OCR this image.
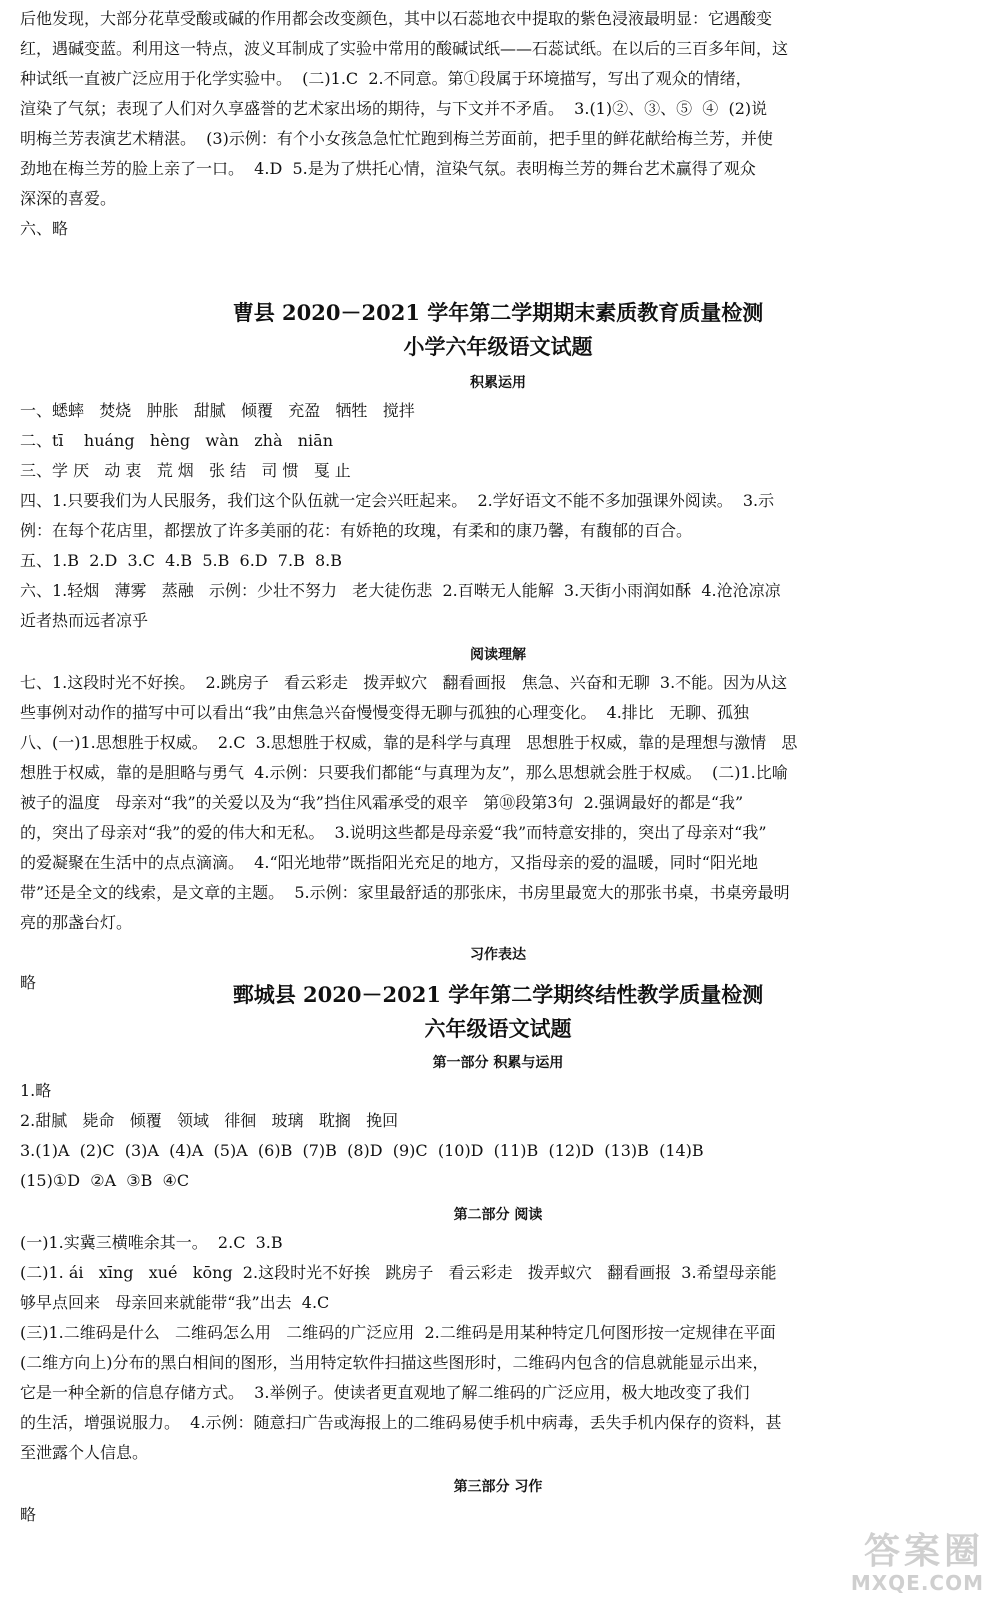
后他发现，大部分花草受酸或碱的作用都会改变颜色，其中以石蕊地衣中提取的紫色浸液最明显：它遇酸变

红，遇碱变蓝。利用这一特点，波义耳制成了实验中常用的酸碱试纸——石蕊试纸。在以后的三百多年间，这

种试纸一直被广泛应用于化学实验中。  (二)1.C  2.不同意。第①段属于环境描写，写出了观众的情绪，

渲染了气氛；表现了人们对久享盛誉的艺术家出场的期待，与下文并不矛盾。  3.(1)②、③、⑤  ④  (2)说

明梅兰芳表演艺术精湛。  (3)示例：有个小女孩急急忙忙跑到梅兰芳面前，把手里的鲜花献给梅兰芳，并使

劲地在梅兰芳的脸上亲了一口。  4.D  5.是为了烘托心情，渲染气氛。表明梅兰芳的舞台艺术赢得了观众

深深的喜爱。

六、略

曹县 2020－2021 学年第二学期期末素质教育质量检测
小学六年级语文试题
积累运用

一、蟋蟀   焚烧   肿胀   甜腻   倾覆   充盈   牺牲   搅拌

二、tī    huáng   hèng   wàn   zhà   niān

三、学 厌   动 衷   荒 烟   张 结   司 惯   戛 止

四、1.只要我们为人民服务，我们这个队伍就一定会兴旺起来。  2.学好语文不能不多加强课外阅读。  3.示

例：在每个花店里，都摆放了许多美丽的花：有娇艳的玫瑰，有柔和的康乃馨，有馥郁的百合。

五、1.B  2.D  3.C  4.B  5.B  6.D  7.B  8.B

六、1.轻烟   薄雾   蒸融   示例：少壮不努力   老大徒伤悲  2.百啭无人能解  3.天街小雨润如酥  4.沧沧凉凉

近者热而远者凉乎

阅读理解

七、1.这段时光不好挨。  2.跳房子   看云彩走   拨弄蚁穴   翻看画报   焦急、兴奋和无聊  3.不能。因为从这

些事例对动作的描写中可以看出“我”由焦急兴奋慢慢变得无聊与孤独的心理变化。  4.排比   无聊、孤独

八、(一)1.思想胜于权威。  2.C  3.思想胜于权威，靠的是科学与真理   思想胜于权威，靠的是理想与激情   思

想胜于权威，靠的是胆略与勇气  4.示例：只要我们都能“与真理为友”，那么思想就会胜于权威。  (二)1.比喻

被子的温度   母亲对“我”的关爱以及为“我”挡住风霜承受的艰辛   第⑩段第3句  2.强调最好的都是“我”

的，突出了母亲对“我”的爱的伟大和无私。  3.说明这些都是母亲爱“我”而特意安排的，突出了母亲对“我”

的爱凝聚在生活中的点点滴滴。  4.“阳光地带”既指阳光充足的地方，又指母亲的爱的温暖，同时“阳光地

带”还是全文的线索，是文章的主题。  5.示例：家里最舒适的那张床，书房里最宽大的那张书桌，书桌旁最明

亮的那盏台灯。

习作表达

略	鄄城县 2020－2021 学年第二学期终结性教学质量检测
六年级语文试题
第一部分 积累与运用

1.略

2.甜腻   毙命   倾覆   领域   徘徊   玻璃   耽搁   挽回

3.(1)A  (2)C  (3)A  (4)A  (5)A  (6)B  (7)B  (8)D  (9)C  (10)D  (11)B  (12)D  (13)B  (14)B

(15)①D  ②A  ③B  ④C

第二部分 阅读

(一)1.实冀三横唯余其一。  2.C  3.B

(二)1. ái   xīng   xué   kōng  2.这段时光不好挨   跳房子   看云彩走   拨弄蚁穴   翻看画报  3.希望母亲能

够早点回来   母亲回来就能带“我”出去  4.C

(三)1.二维码是什么   二维码怎么用   二维码的广泛应用  2.二维码是用某种特定几何图形按一定规律在平面

(二维方向上)分布的黑白相间的图形，当用特定软件扫描这些图形时，二维码内包含的信息就能显示出来，

它是一种全新的信息存储方式。  3.举例子。使读者更直观地了解二维码的广泛应用，极大地改变了我们

的生活，增强说服力。  4.示例：随意扫广告或海报上的二维码易使手机中病毒，丢失手机内保存的资料，甚

至泄露个人信息。

第三部分 习作

略

答案圈
MXQE.COM
